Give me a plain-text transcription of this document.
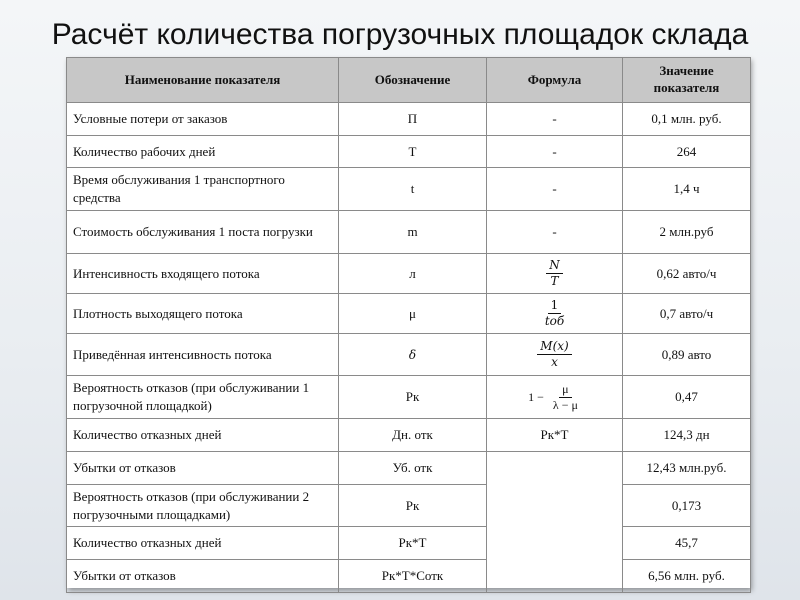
Расчёт количества погрузочных площадок склада
Наименование показателя	Обозначение	Формула	Значение показателя
Условные потери от заказов	П	-	0,1 млн. руб.
Количество рабочих дней	Т	-	264
Время обслуживания 1 транспортного средства	t	-	1,4 ч
Стоимость обслуживания 1 поста погрузки	m	-	2 млн.руб
Интенсивность входящего потока	л	$\frac{N}{T}$	0,62 авто/ч
Плотность выходящего потока	μ	$\frac{1}{\text{tоб}}$	0,7 авто/ч
Приведённая интенсивность потока	δ	$\frac{M(x)}{x}$	0,89 авто
Вероятность отказов (при обслуживании 1 погрузочной площадкой)	Рк	$1 - \frac{\mu}{\lambda - \mu}$	0,47
Количество отказных дней	Дн. отк	Рк*Т	124,3 дн
Убытки от отказов	Уб. отк		12,43 млн.руб.
Вероятность отказов (при обслуживании 2 погрузочными площадками)	Рк		0,173
Количество отказных дней	Рк*Т		45,7
Убытки от отказов	Рк*Т*Сотк		6,56 млн. руб.
